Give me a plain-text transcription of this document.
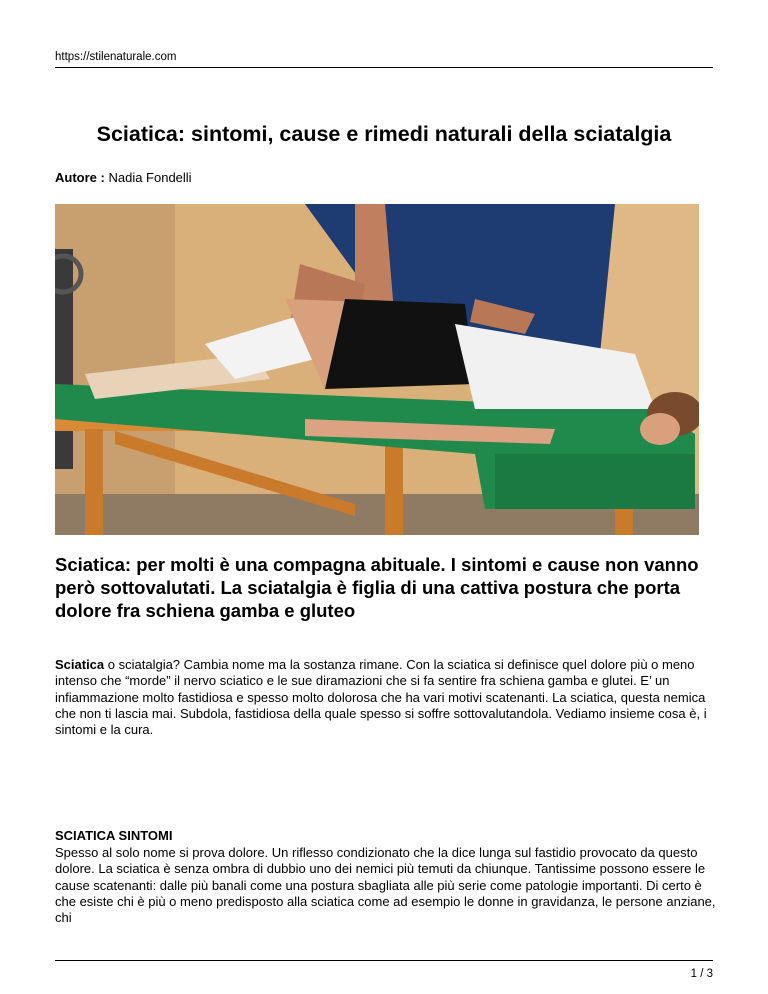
https://stilenaturale.com
Sciatica: sintomi, cause e rimedi naturali della sciatalgia
Autore : Nadia Fondelli
Sciatica: per molti è una compagna abituale. I sintomi e cause non vanno però sottovalutati. La sciatalgia è figlia di una cattiva postura che porta dolore fra schiena gamba e gluteo

Sciatica o sciatalgia? Cambia nome ma la sostanza rimane. Con la sciatica si definisce quel dolore più o meno intenso che “morde” il nervo sciatico e le sue diramazioni che si fa sentire fra schiena gamba e glutei. E’ un infiammazione molto fastidiosa e spesso molto dolorosa che ha vari motivi scatenanti. La sciatica, questa nemica che non ti lascia mai. Subdola, fastidiosa della quale spesso si soffre sottovalutandola. Vediamo insieme cosa è, i sintomi e la cura.

SCIATICA SINTOMI

Spesso al solo nome si prova dolore. Un riflesso condizionato che la dice lunga sul fastidio provocato da questo dolore. La sciatica è senza ombra di dubbio uno dei nemici più temuti da chiunque. Tantissime possono essere le cause scatenanti: dalle più banali come una postura sbagliata alle più serie come patologie importanti. Di certo è che esiste chi è più o meno predisposto alla sciatica come ad esempio le donne in gravidanza, le persone anziane, chi

1 / 3
